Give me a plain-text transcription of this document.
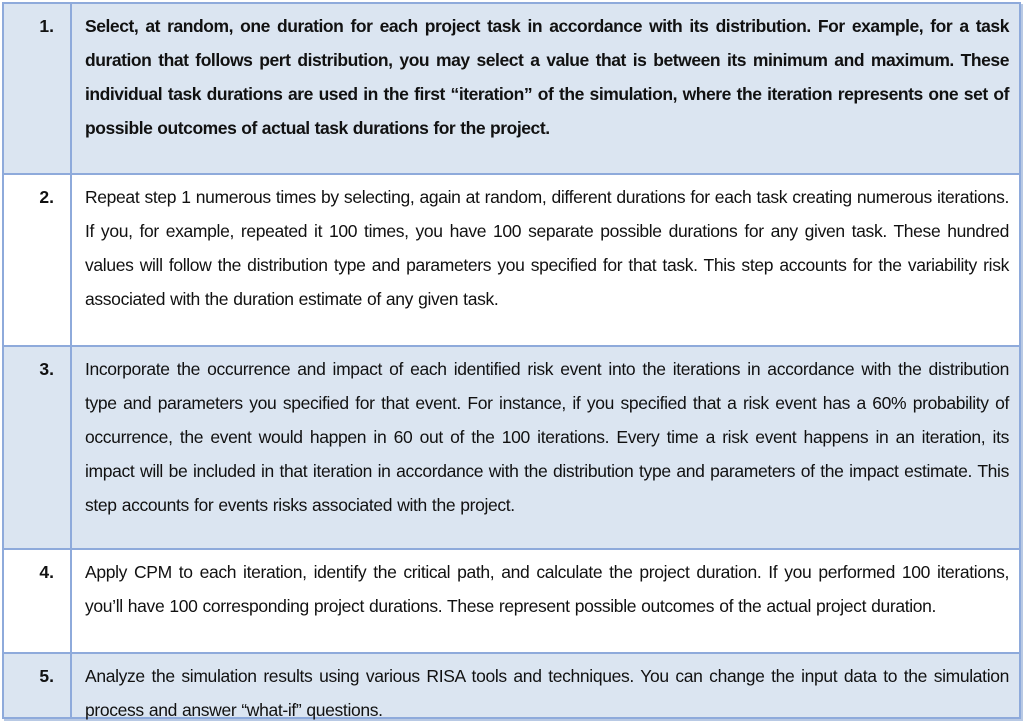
1.	Select, at random, one duration for each project task in accordance with its distribution. For example, for a task duration that follows pert distribution, you may select a value that is between its minimum and maximum. These individual task durations are used in the first “iteration” of the simulation, where the iteration represents one set of possible outcomes of actual task durations for the project.
2.	Repeat step 1 numerous times by selecting, again at random, different durations for each task creating numerous iterations. If you, for example, repeated it 100 times, you have 100 separate possible durations for any given task. These hundred values will follow the distribution type and parameters you specified for that task. This step accounts for the variability risk associated with the duration estimate of any given task.
3.	Incorporate the occurrence and impact of each identified risk event into the iterations in accordance with the distribution type and parameters you specified for that event. For instance, if you specified that a risk event has a 60% probability of occurrence, the event would happen in 60 out of the 100 iterations. Every time a risk event happens in an iteration, its impact will be included in that iteration in accordance with the distribution type and parameters of the impact estimate. This step accounts for events risks associated with the project.
4.	Apply CPM to each iteration, identify the critical path, and calculate the project duration. If you performed 100 iterations, you’ll have 100 corresponding project durations. These represent possible outcomes of the actual project duration.
5.	Analyze the simulation results using various RISA tools and techniques. You can change the input data to the simulation process and answer “what-if” questions.
